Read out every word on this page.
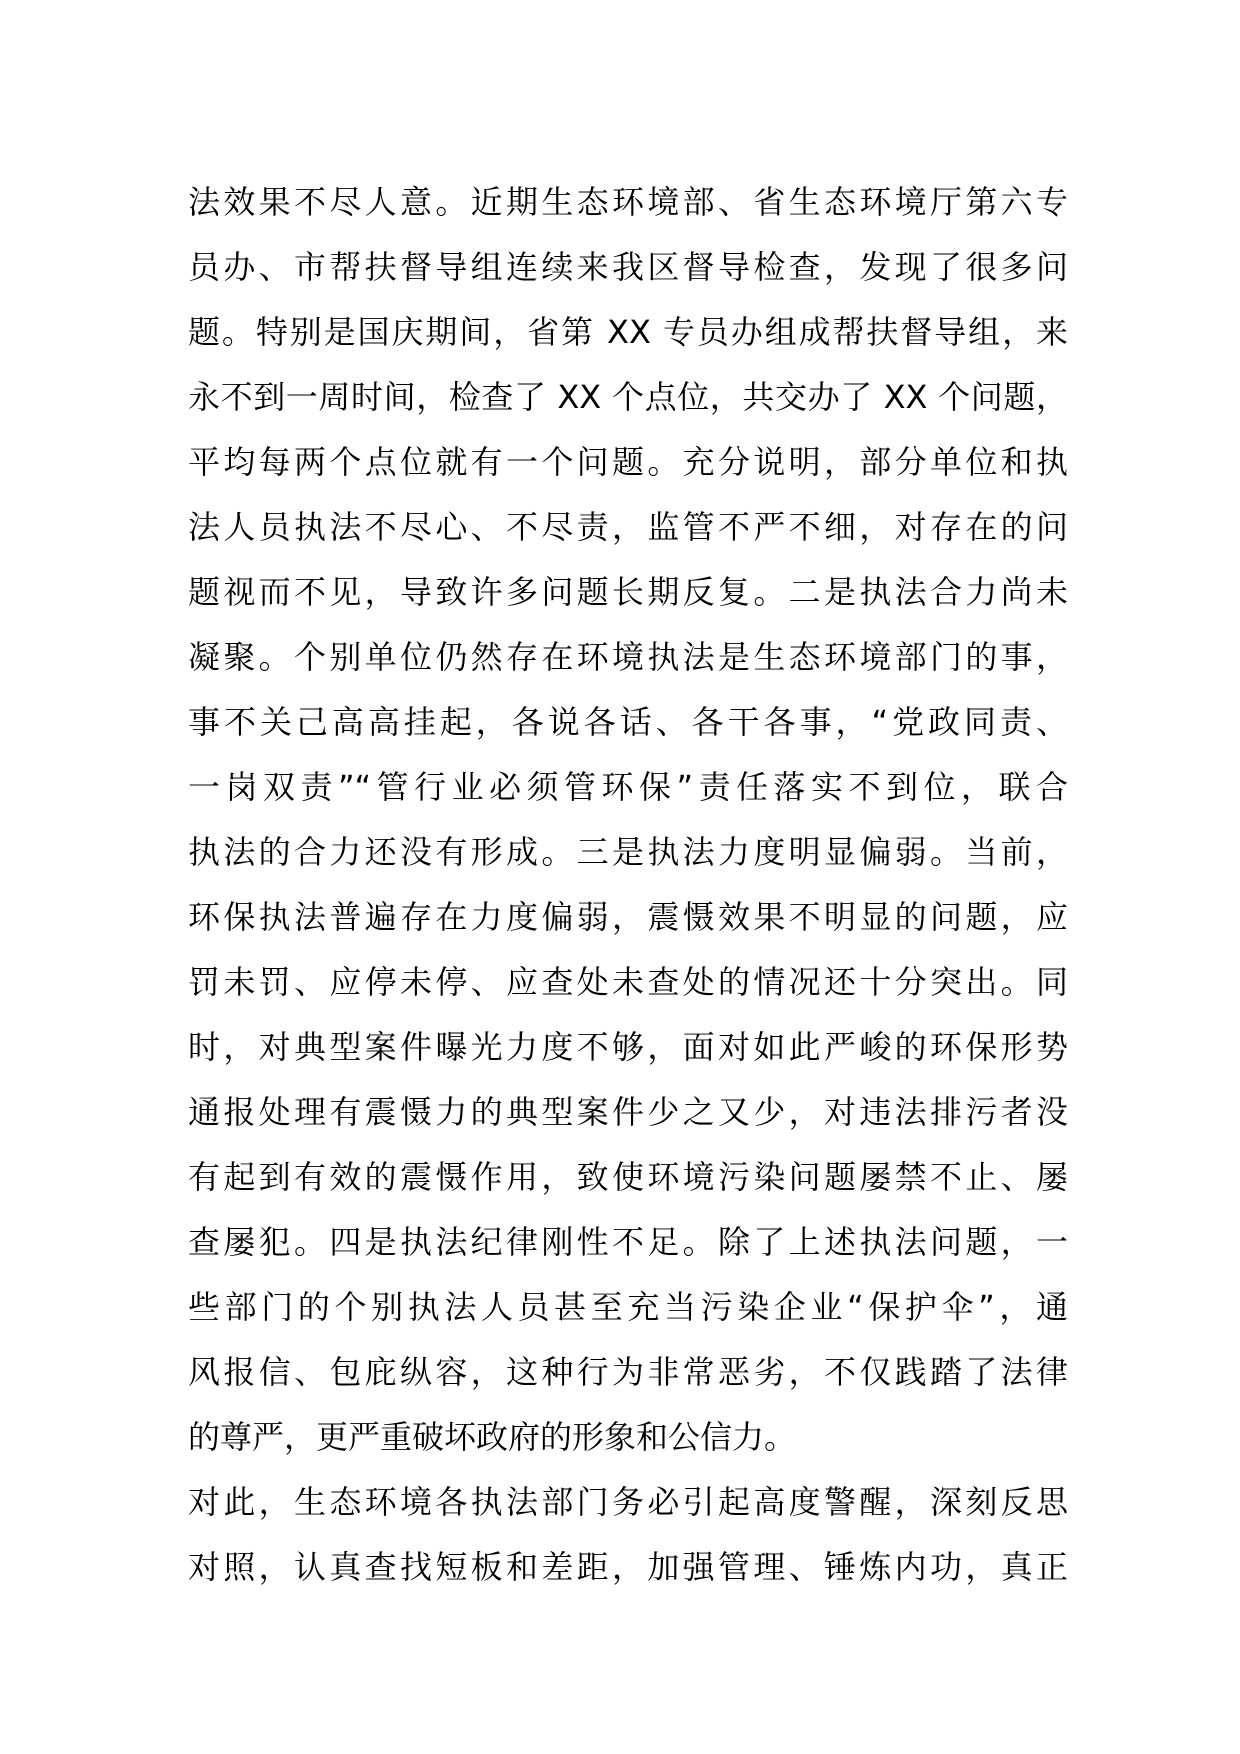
法效果不尽人意。近期生态环境部、省生态环境厅第六专
员办、市帮扶督导组连续来我区督导检查，发现了很多问
题。特别是国庆期间，省第 XX 专员办组成帮扶督导组，来
永不到一周时间，检查了 XX 个点位，共交办了 XX 个问题，
平均每两个点位就有一个问题。充分说明，部分单位和执
法人员执法不尽心、不尽责，监管不严不细，对存在的问
题视而不见，导致许多问题长期反复。二是执法合力尚未
凝聚。个别单位仍然存在环境执法是生态环境部门的事，
事不关己高高挂起，各说各话、各干各事，“党政同责、
一岗双责”“管行业必须管环保”责任落实不到位，联合
执法的合力还没有形成。三是执法力度明显偏弱。当前，
环保执法普遍存在力度偏弱，震慑效果不明显的问题，应
罚未罚、应停未停、应查处未查处的情况还十分突出。同
时，对典型案件曝光力度不够，面对如此严峻的环保形势
通报处理有震慑力的典型案件少之又少，对违法排污者没
有起到有效的震慑作用，致使环境污染问题屡禁不止、屡
查屡犯。四是执法纪律刚性不足。除了上述执法问题，一
些部门的个别执法人员甚至充当污染企业“保护伞”，通
风报信、包庇纵容，这种行为非常恶劣，不仅践踏了法律
的尊严，更严重破坏政府的形象和公信力。
对此，生态环境各执法部门务必引起高度警醒，深刻反思
对照，认真查找短板和差距，加强管理、锤炼内功，真正
